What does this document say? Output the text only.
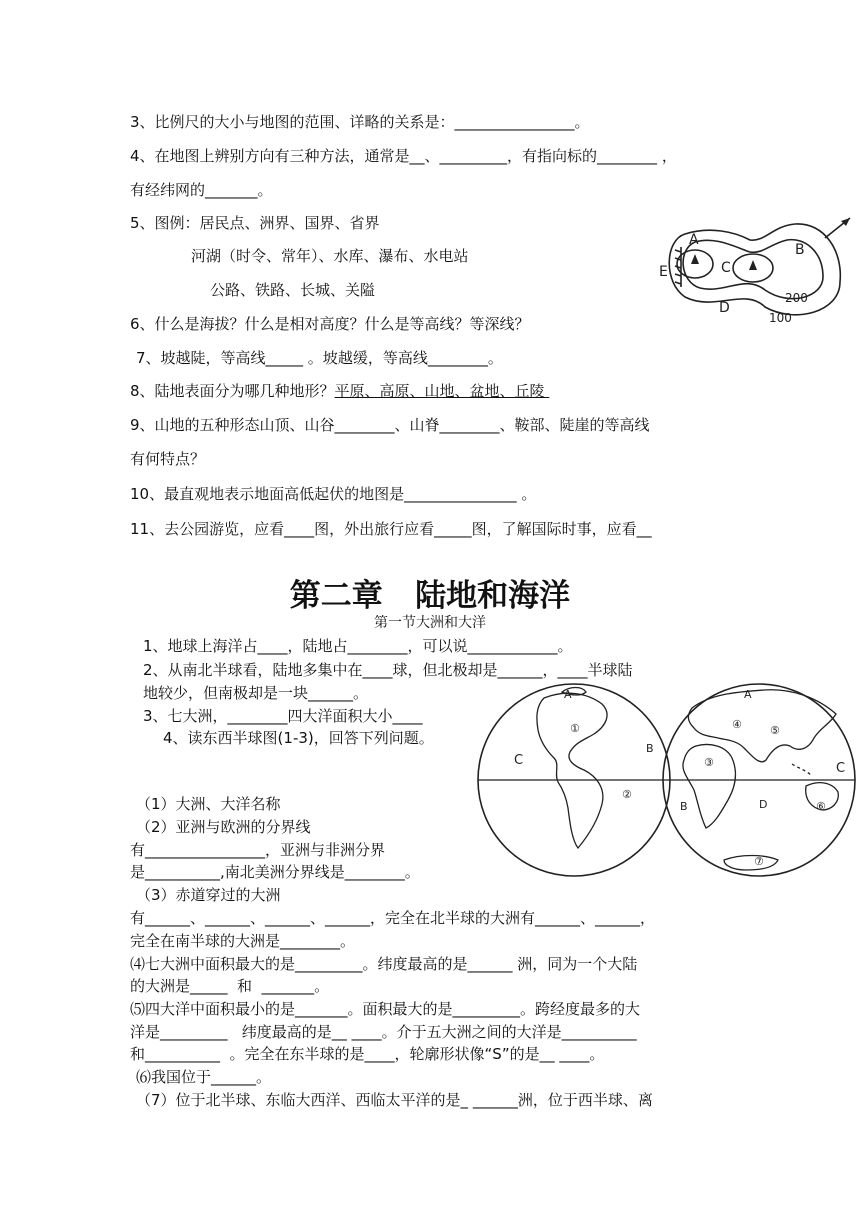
3、比例尺的大小与地图的范围、详略的关系是：________________。
4、在地图上辨别方向有三种方法，通常是__、_________，有指向标的________ ，
有经纬网的_______。
5、图例：居民点、洲界、国界、省界
河湖（时令、常年）、水库、瀑布、水电站
公路、铁路、长城、关隘
6、什么是海拔？什么是相对高度？什么是等高线？等深线？
7、坡越陡，等高线_____ 。坡越缓，等高线________。
8、陆地表面分为哪几种地形？平原、高原、山地、盆地、丘陵
9、山地的五种形态山顶、山谷________、山脊________、鞍部、陡崖的等高线
有何特点？
10、最直观地表示地面高低起伏的地图是_______________ 。
11、去公园游览，应看____图，外出旅行应看_____图，了解国际时事，应看__
A
B
C
D
E
200
100
第二章   陆地和海洋
第一节大洲和大洋
1、地球上海洋占____，陆地占________，可以说____________。
2、从南北半球看，陆地多集中在____球，但北极却是______，____半球陆
地较少，但南极却是一块______。
3、七大洲，________四大洋面积大小____
4、读东西半球图(1-3)，回答下列问题。
A
①
B
C
②
A
④	⑤
③	C
B	D	⑥
⑦
（1）大洲、大洋名称
（2）亚洲与欧洲的分界线
有________________，亚洲与非洲分界
是__________,南北美洲分界线是________。
（3）赤道穿过的大洲
有______、______、______、______，完全在北半球的大洲有______、______，
完全在南半球的大洲是________。
⑷七大洲中面积最大的是_________。纬度最高的是______ 洲，同为一个大陆
的大洲是_____  和  _______。
⑸四大洋中面积最小的是_______。面积最大的是_________。跨经度最多的大
洋是_________   纬度最高的是__ ____。介于五大洲之间的大洋是__________
和__________  。完全在东半球的是____，轮廓形状像“S”的是__ ____。
⑹我国位于______。
（7）位于北半球、东临大西洋、西临太平洋的是_ ______洲，位于西半球、离
